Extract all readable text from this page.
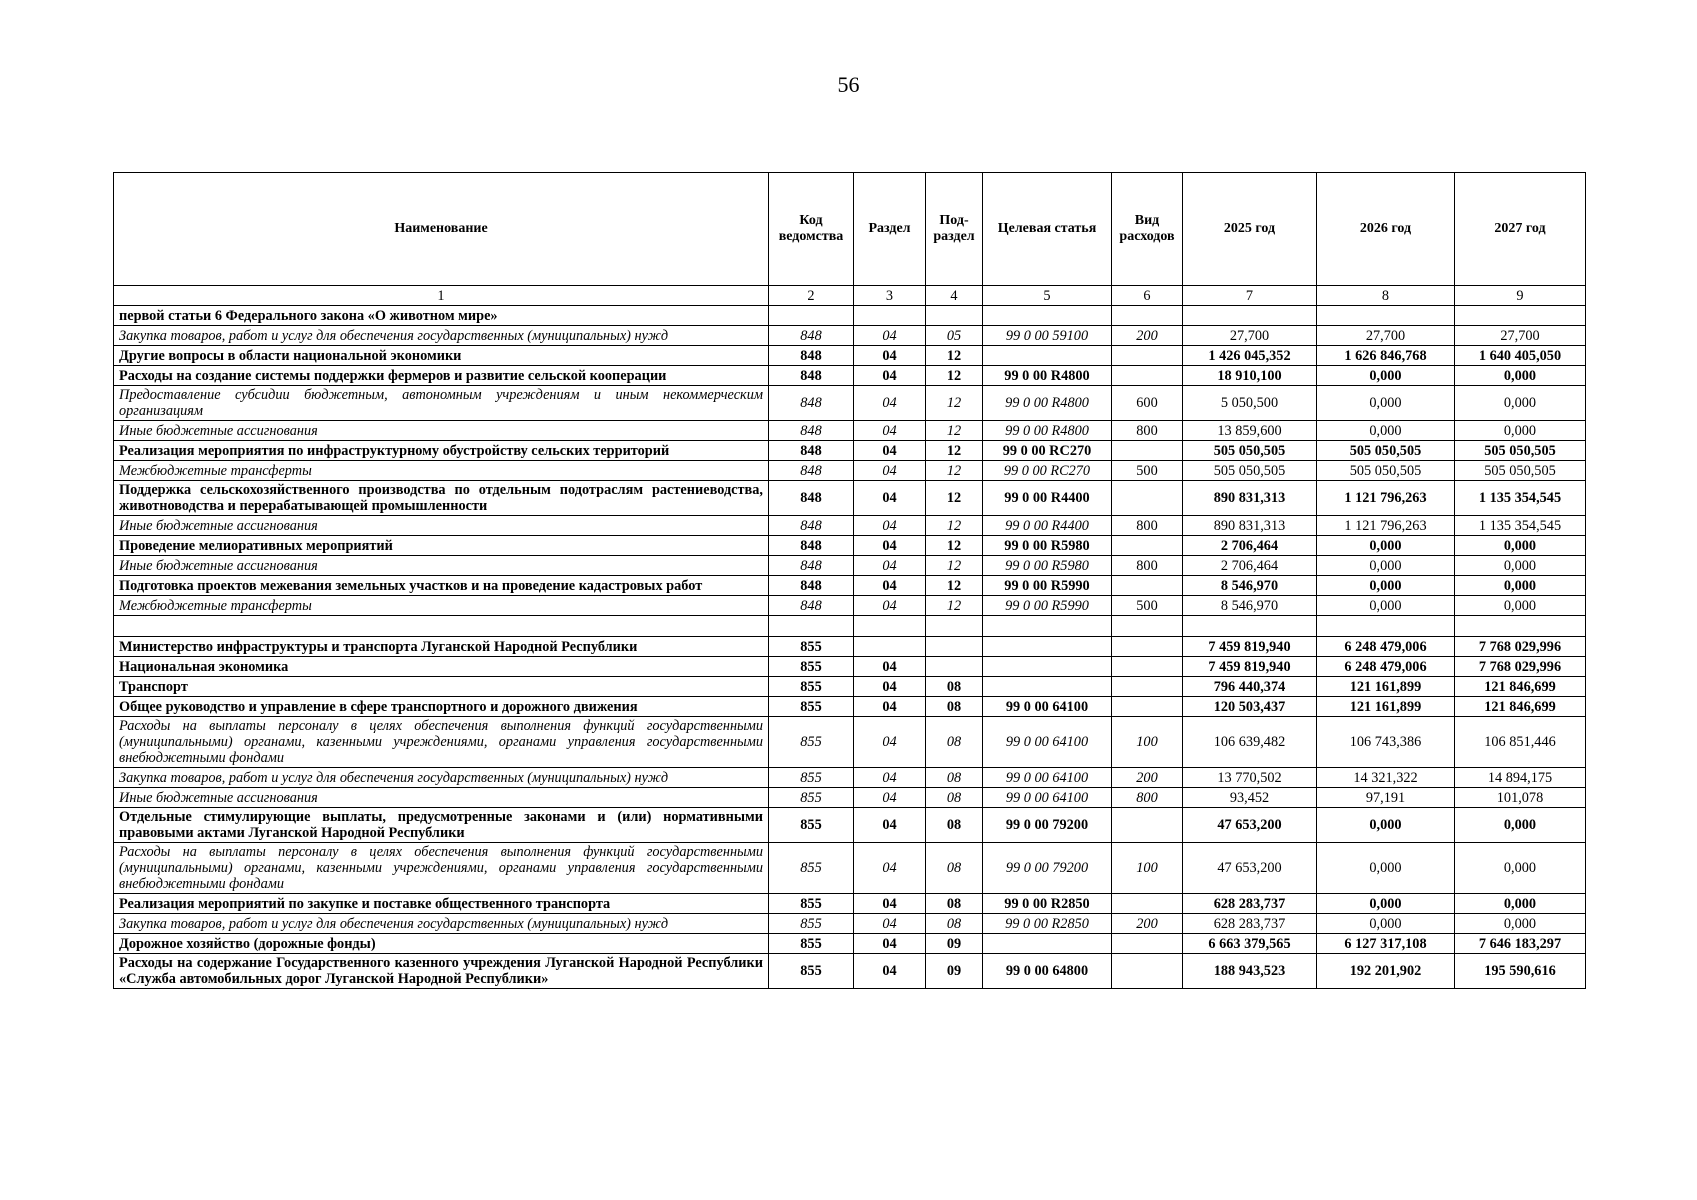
56
Наименование	Код ведомства	Раздел	Под-раздел	Целевая статья	Вид расходов	2025 год	2026 год	2027 год
1	2	3	4	5	6	7	8	9
первой статьи 6 Федерального закона «О животном мире»								
Закупка товаров, работ и услуг для обеспечения государственных (муниципальных) нужд	848	04	05	99 0 00 59100	200	27,700	27,700	27,700
Другие вопросы в области национальной экономики	848	04	12			1 426 045,352	1 626 846,768	1 640 405,050
Расходы на создание системы поддержки фермеров и развитие сельской кооперации	848	04	12	99 0 00 R4800		18 910,100	0,000	0,000
Предоставление субсидии бюджетным, автономным учреждениям и иным некоммерческим организациям	848	04	12	99 0 00 R4800	600	5 050,500	0,000	0,000
Иные бюджетные ассигнования	848	04	12	99 0 00 R4800	800	13 859,600	0,000	0,000
Реализация мероприятия по инфраструктурному обустройству сельских территорий	848	04	12	99 0 00 RC270		505 050,505	505 050,505	505 050,505
Межбюджетные трансферты	848	04	12	99 0 00 RC270	500	505 050,505	505 050,505	505 050,505
Поддержка сельскохозяйственного производства по отдельным подотраслям растениеводства, животноводства и перерабатывающей промышленности	848	04	12	99 0 00 R4400		890 831,313	1 121 796,263	1 135 354,545
Иные бюджетные ассигнования	848	04	12	99 0 00 R4400	800	890 831,313	1 121 796,263	1 135 354,545
Проведение мелиоративных мероприятий	848	04	12	99 0 00 R5980		2 706,464	0,000	0,000
Иные бюджетные ассигнования	848	04	12	99 0 00 R5980	800	2 706,464	0,000	0,000
Подготовка проектов межевания земельных участков и на проведение кадастровых работ	848	04	12	99 0 00 R5990		8 546,970	0,000	0,000
Межбюджетные трансферты	848	04	12	99 0 00 R5990	500	8 546,970	0,000	0,000

Министерство инфраструктуры и транспорта Луганской Народной Республики	855					7 459 819,940	6 248 479,006	7 768 029,996
Национальная экономика	855	04				7 459 819,940	6 248 479,006	7 768 029,996
Транспорт	855	04	08			796 440,374	121 161,899	121 846,699
Общее руководство и управление в сфере транспортного и дорожного движения	855	04	08	99 0 00 64100		120 503,437	121 161,899	121 846,699
Расходы на выплаты персоналу в целях обеспечения выполнения функций государственными (муниципальными) органами, казенными учреждениями, органами управления государственными внебюджетными фондами	855	04	08	99 0 00 64100	100	106 639,482	106 743,386	106 851,446
Закупка товаров, работ и услуг для обеспечения государственных (муниципальных) нужд	855	04	08	99 0 00 64100	200	13 770,502	14 321,322	14 894,175
Иные бюджетные ассигнования	855	04	08	99 0 00 64100	800	93,452	97,191	101,078
Отдельные стимулирующие выплаты, предусмотренные законами и (или) нормативными правовыми актами Луганской Народной Республики	855	04	08	99 0 00 79200		47 653,200	0,000	0,000
Расходы на выплаты персоналу в целях обеспечения выполнения функций государственными (муниципальными) органами, казенными учреждениями, органами управления государственными внебюджетными фондами	855	04	08	99 0 00 79200	100	47 653,200	0,000	0,000
Реализация мероприятий по закупке и поставке общественного транспорта	855	04	08	99 0 00 R2850		628 283,737	0,000	0,000
Закупка товаров, работ и услуг для обеспечения государственных (муниципальных) нужд	855	04	08	99 0 00 R2850	200	628 283,737	0,000	0,000
Дорожное хозяйство (дорожные фонды)	855	04	09			6 663 379,565	6 127 317,108	7 646 183,297
Расходы на содержание Государственного казенного учреждения Луганской Народной Республики «Служба автомобильных дорог Луганской Народной Республики»	855	04	09	99 0 00 64800		188 943,523	192 201,902	195 590,616
